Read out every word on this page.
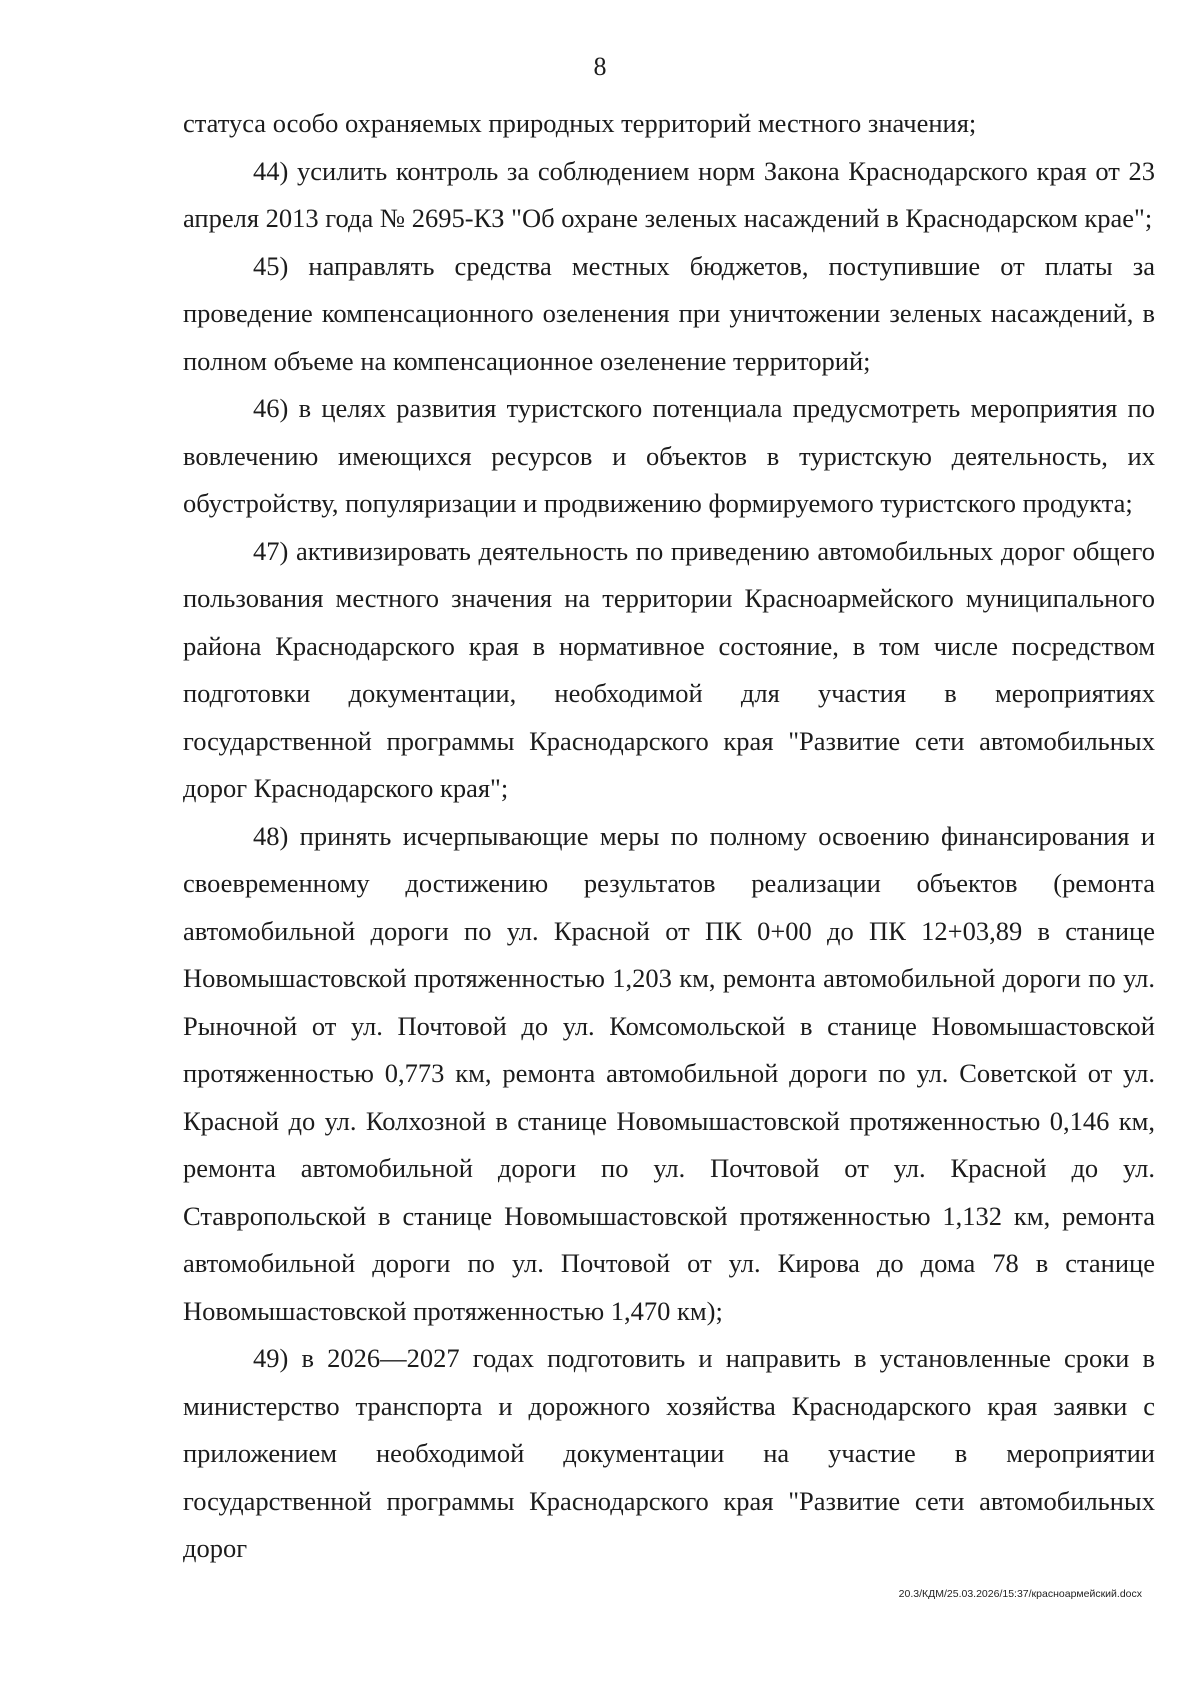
8

статуса особо охраняемых природных территорий местного значения;

44) усилить контроль за соблюдением норм Закона Краснодарского края от 23 апреля 2013 года № 2695-КЗ "Об охране зеленых насаждений в Краснодарском крае";

45) направлять средства местных бюджетов, поступившие от платы за проведение компенсационного озеленения при уничтожении зеленых насаждений, в полном объеме на компенсационное озеленение территорий;

46) в целях развития туристского потенциала предусмотреть мероприятия по вовлечению имеющихся ресурсов и объектов в туристскую деятельность, их обустройству, популяризации и продвижению формируемого туристского продукта;

47) активизировать деятельность по приведению автомобильных дорог общего пользования местного значения на территории Красноармейского муниципального района Краснодарского края в нормативное состояние, в том числе посредством подготовки документации, необходимой для участия в мероприятиях государственной программы Краснодарского края "Развитие сети автомобильных дорог Краснодарского края";

48) принять исчерпывающие меры по полному освоению финансирования и своевременному достижению результатов реализации объектов (ремонта автомобильной дороги по ул. Красной от ПК 0+00 до ПК 12+03,89 в станице Новомышастовской протяженностью 1,203 км, ремонта автомобильной дороги по ул. Рыночной от ул. Почтовой до ул. Комсомольской в станице Новомышастовской протяженностью 0,773 км, ремонта автомобильной дороги по ул. Советской от ул. Красной до ул. Колхозной в станице Новомышастовской протяженностью 0,146 км, ремонта автомобильной дороги по ул. Почтовой от ул. Красной до ул. Ставропольской в станице Новомышастовской протяженностью 1,132 км, ремонта автомобильной дороги по ул. Почтовой от ул. Кирова до дома 78 в станице Новомышастовской протяженностью 1,470 км);

49) в 2026—2027 годах подготовить и направить в установленные сроки в министерство транспорта и дорожного хозяйства Краснодарского края заявки с приложением необходимой документации на участие в мероприятии государственной программы Краснодарского края "Развитие сети автомобильных дорог

20.3/КДМ/25.03.2026/15:37/красноармейский.docx
